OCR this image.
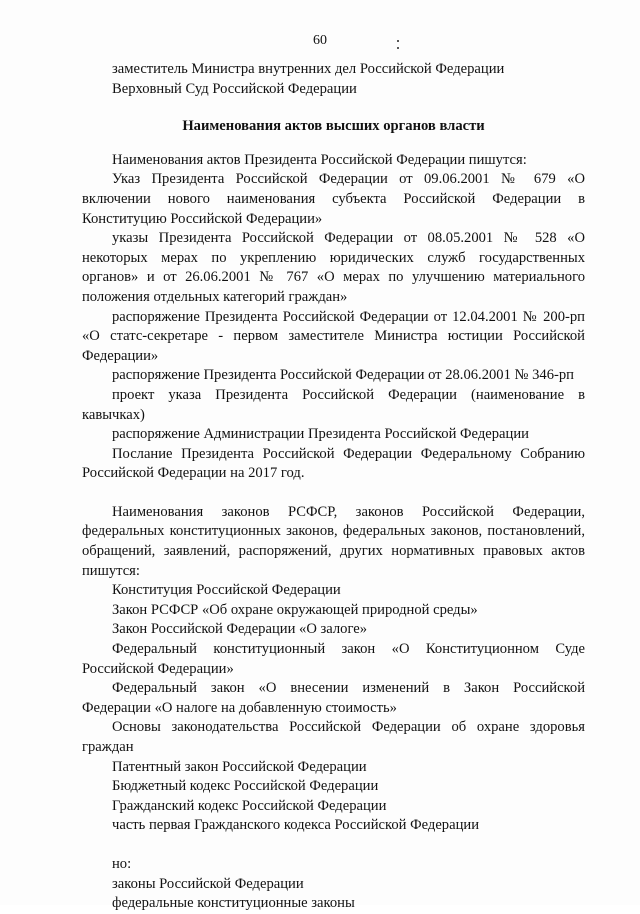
60

заместитель Министра внутренних дел Российской Федерации

Верховный Суд Российской Федерации

Наименования актов высших органов власти

Наименования актов Президента Российской Федерации пишутся:

Указ Президента Российской Федерации от 09.06.2001 № 679 «О включении нового наименования субъекта Российской Федерации в Конституцию Российской Федерации»

указы Президента Российской Федерации от 08.05.2001 № 528 «О некоторых мерах по укреплению юридических служб государственных органов» и от 26.06.2001 № 767 «О мерах по улучшению материального положения отдельных категорий граждан»

распоряжение Президента Российской Федерации от 12.04.2001 № 200-рп «О статс-секретаре - первом заместителе Министра юстиции Российской Федерации»

распоряжение Президента Российской Федерации от 28.06.2001 № 346-рп

проект указа Президента Российской Федерации (наименование в кавычках)

распоряжение Администрации Президента Российской Федерации

Послание Президента Российской Федерации Федеральному Собранию Российской Федерации на 2017 год.

Наименования законов РСФСР, законов Российской Федерации, федеральных конституционных законов, федеральных законов, постановлений, обращений, заявлений, распоряжений, других нормативных правовых актов пишутся:

Конституция Российской Федерации

Закон РСФСР «Об охране окружающей природной среды»

Закон Российской Федерации «О залоге»

Федеральный конституционный закон «О Конституционном Суде Российской Федерации»

Федеральный закон «О внесении изменений в Закон Российской Федерации «О налоге на добавленную стоимость»

Основы законодательства Российской Федерации об охране здоровья граждан

Патентный закон Российской Федерации

Бюджетный кодекс Российской Федерации

Гражданский кодекс Российской Федерации

часть первая Гражданского кодекса Российской Федерации

но:

законы Российской Федерации

федеральные конституционные законы
